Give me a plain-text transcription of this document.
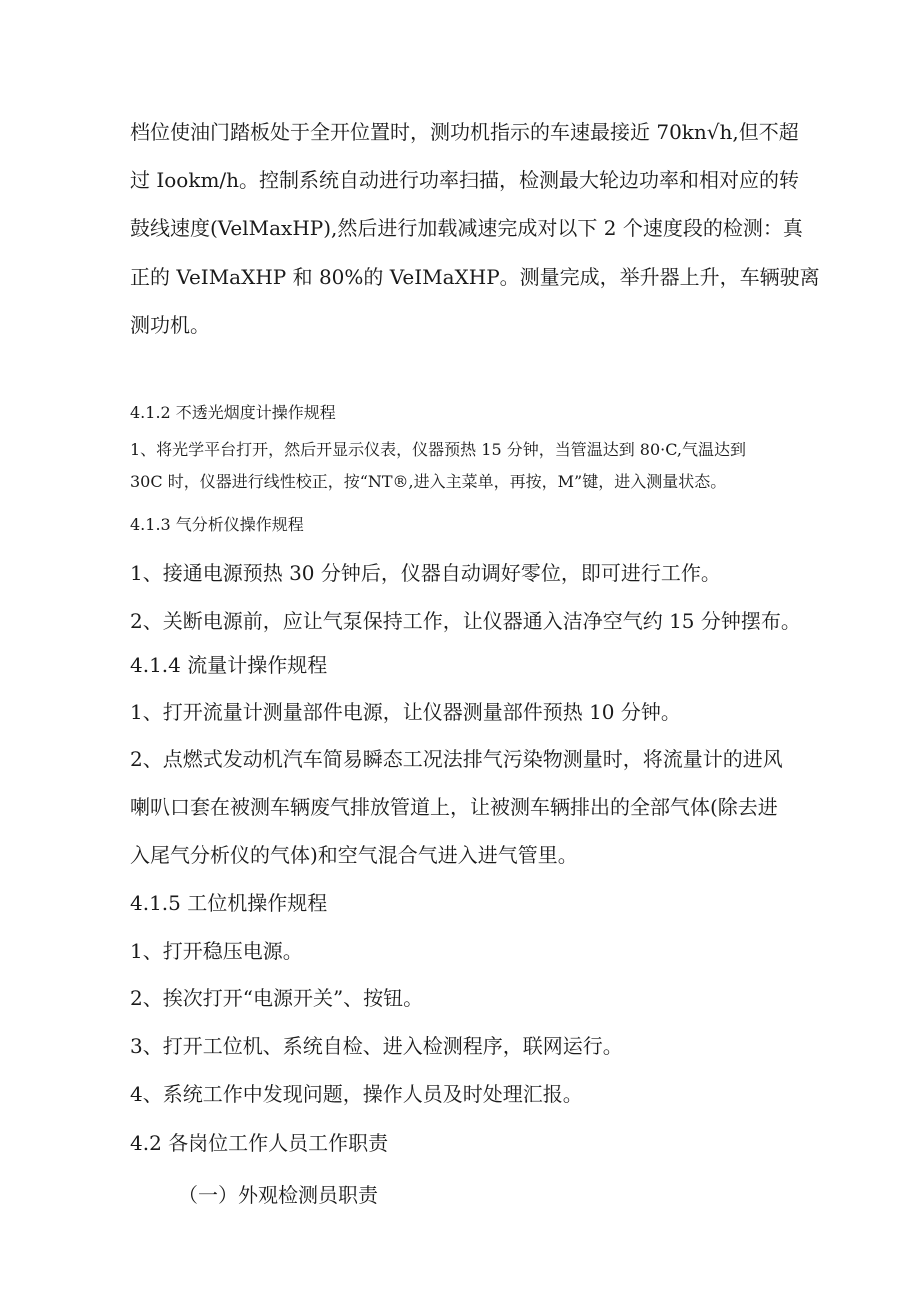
档位使油门踏板处于全开位置时，测功机指示的车速最接近 70kn√h,但不超
过 Iookm/h。控制系统自动进行功率扫描，检测最大轮边功率和相对应的转
鼓线速度(VelMaxHP),然后进行加载减速完成对以下 2 个速度段的检测：真
正的 VeIMaXHP 和 80%的 VeIMaXHP。测量完成，举升器上升，车辆驶离
测功机。
4.1.2 不透光烟度计操作规程
1、将光学平台打开，然后开显示仪表，仪器预热 15 分钟，当管温达到 80·C,气温达到
30C 时，仪器进行线性校正，按“NT®,进入主菜单，再按，M”键，进入测量状态。
4.1.3 气分析仪操作规程
1、接通电源预热 30 分钟后，仪器自动调好零位，即可进行工作。
2、关断电源前，应让气泵保持工作，让仪器通入洁净空气约 15 分钟摆布。
4.1.4 流量计操作规程
1、打开流量计测量部件电源，让仪器测量部件预热 10 分钟。
2、点燃式发动机汽车简易瞬态工况法排气污染物测量时，将流量计的进风
喇叭口套在被测车辆废气排放管道上，让被测车辆排出的全部气体(除去进
入尾气分析仪的气体)和空气混合气进入进气管里。
4.1.5 工位机操作规程
1、打开稳压电源。
2、挨次打开“电源开关”、按钮。
3、打开工位机、系统自检、进入检测程序，联网运行。
4、系统工作中发现问题，操作人员及时处理汇报。
4.2 各岗位工作人员工作职责
（一）外观检测员职责
